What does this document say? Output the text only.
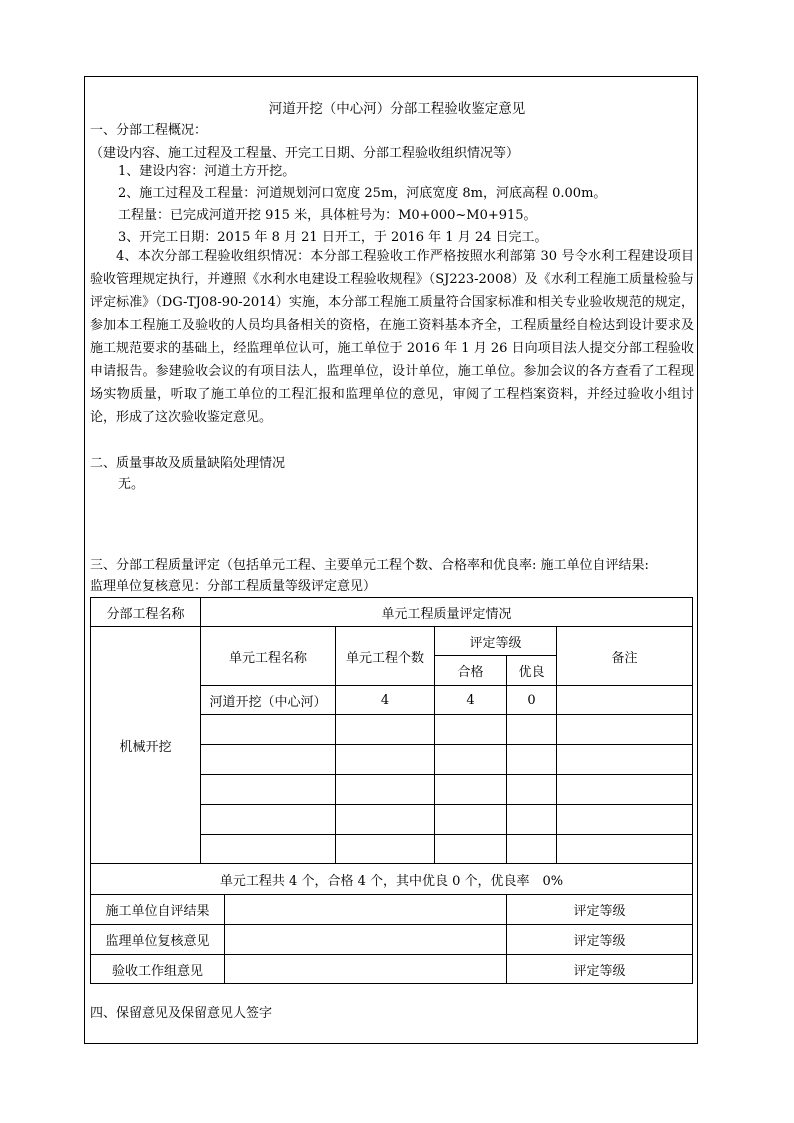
河道开挖（中心河）分部工程验收鉴定意见
一、分部工程概况：
（建设内容、施工过程及工程量、开完工日期、分部工程验收组织情况等）
1、建设内容：河道土方开挖。
2、施工过程及工程量：河道规划河口宽度 25m，河底宽度 8m，河底高程 0.00m。
工程量：已完成河道开挖 915 米，具体桩号为：M0+000~M0+915。
3、开完工日期：2015 年 8 月 21 日开工，于 2016 年 1 月 24 日完工。
4、本次分部工程验收组织情况：本分部工程验收工作严格按照水利部第 30 号令水利工程建设项目验收管理规定执行，并遵照《水利水电建设工程验收规程》（SJ223-2008）及《水利工程施工质量检验与评定标准》（DG-TJ08-90-2014）实施，本分部工程施工质量符合国家标准和相关专业验收规范的规定，参加本工程施工及验收的人员均具备相关的资格，在施工资料基本齐全，工程质量经自检达到设计要求及施工规范要求的基础上，经监理单位认可，施工单位于 2016 年 1 月 26 日向项目法人提交分部工程验收申请报告。参建验收会议的有项目法人，监理单位，设计单位，施工单位。参加会议的各方查看了工程现场实物质量，听取了施工单位的工程汇报和监理单位的意见，审阅了工程档案资料，并经过验收小组讨论，形成了这次验收鉴定意见。
二、质量事故及质量缺陷处理情况
无。
三、分部工程质量评定（包括单元工程、主要单元工程个数、合格率和优良率: 施工单位自评结果:
监理单位复核意见：分部工程质量等级评定意见）
分部工程名称	单元工程质量评定情况						
机械开挖	单元工程名称		单元工程个数	评定等级		备注	
				合格	优良		
	河道开挖（中心河）		4	4	0		

单元工程共 4 个，合格 4 个，其中优良 0 个，优良率　0%							
施工单位自评结果					评定等级		
监理单位复核意见					评定等级		
验收工作组意见					评定等级		
四、保留意见及保留意见人签字
